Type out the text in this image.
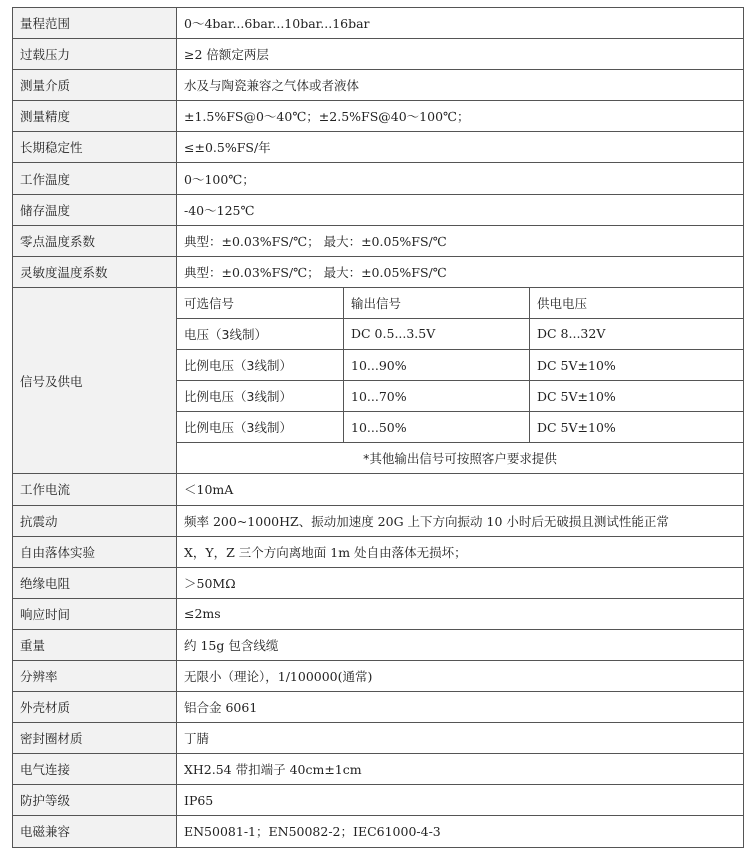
量程范围	0～4bar...6bar...10bar...16bar		
过载压力	≥2 倍额定两层		
测量介质	水及与陶瓷兼容之气体或者液体		
测量精度	±1.5%FS@0～40℃；±2.5%FS@40～100℃；		
长期稳定性	≤±0.5%FS/年		
工作温度	0～100℃；		
储存温度	-40～125℃		
零点温度系数	典型：±0.03%FS/℃； 最大：±0.05%FS/℃		
灵敏度温度系数	典型：±0.03%FS/℃； 最大：±0.05%FS/℃		
信号及供电	可选信号	输出信号	供电电压
	电压（3线制）	DC 0.5...3.5V	DC 8...32V
	比例电压（3线制）	10...90%	DC 5V±10%
	比例电压（3线制）	10...70%	DC 5V±10%
	比例电压（3线制）	10...50%	DC 5V±10%
	*其他输出信号可按照客户要求提供		
工作电流	＜10mA		
抗震动	频率 200~1000HZ、振动加速度 20G 上下方向振动 10 小时后无破损且测试性能正常		
自由落体实验	X，Y，Z 三个方向离地面 1m 处自由落体无损坏；		
绝缘电阻	＞50MΩ		
响应时间	≤2ms		
重量	约 15g 包含线缆		
分辨率	无限小（理论），1/100000(通常)		
外壳材质	铝合金 6061		
密封圈材质	丁腈		
电气连接	XH2.54 带扣端子 40cm±1cm		
防护等级	IP65		
电磁兼容	EN50081-1；EN50082-2；IEC61000-4-3		
